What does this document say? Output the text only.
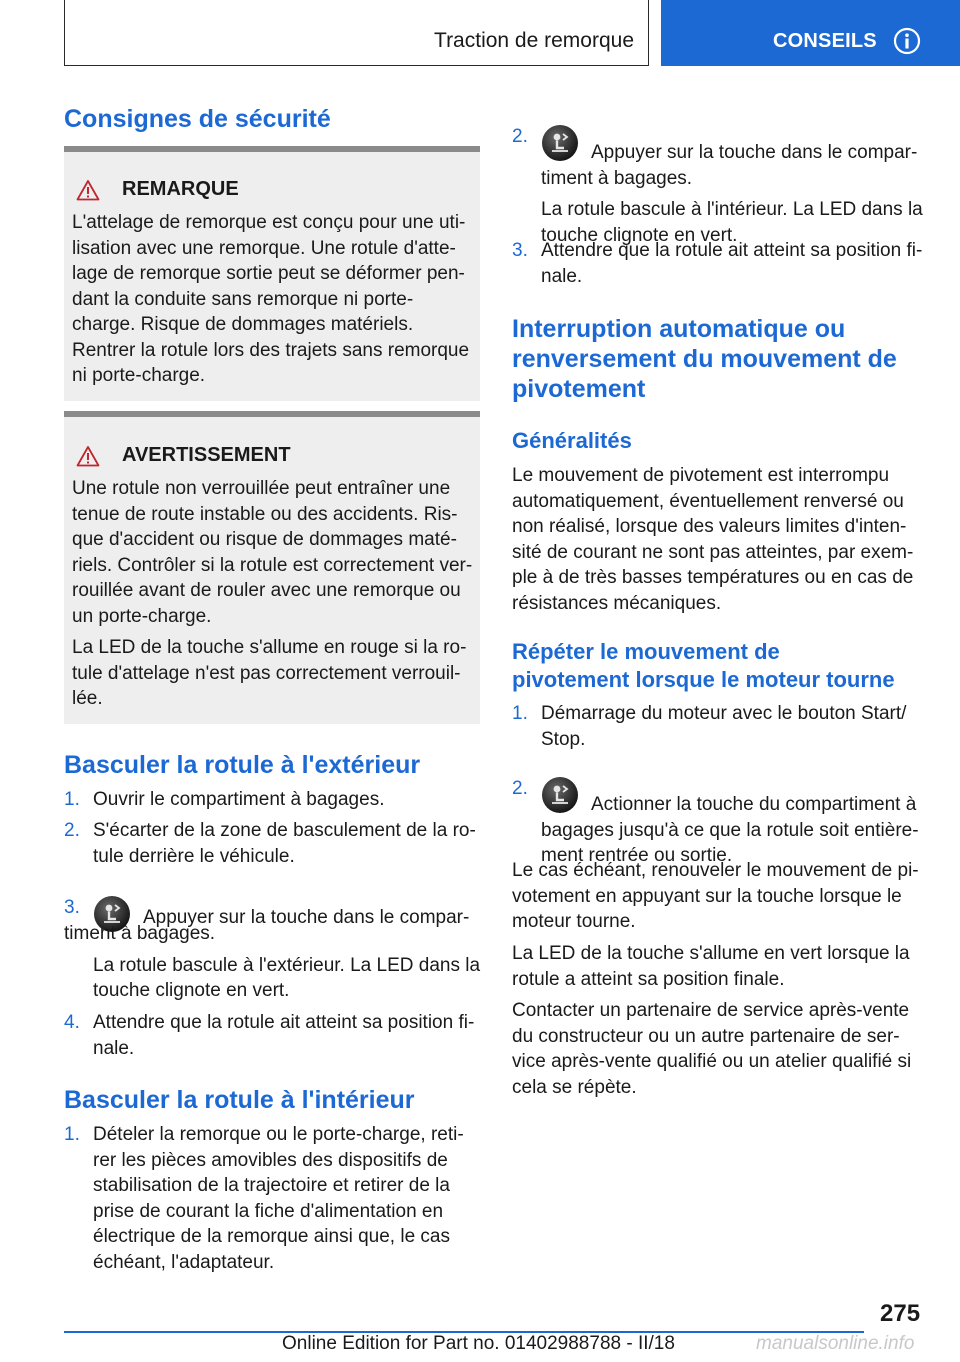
Traction de remorque	CONSEILS
Consignes de sécurité
REMARQUE
L'attelage de remorque est conçu pour une uti-
lisation avec une remorque. Une rotule d'atte-
lage de remorque sortie peut se déformer pen-
dant la conduite sans remorque ni porte-
charge. Risque de dommages matériels.
Rentrer la rotule lors des trajets sans remorque
ni porte-charge.
AVERTISSEMENT
Une rotule non verrouillée peut entraîner une
tenue de route instable ou des accidents. Ris-
que d'accident ou risque de dommages maté-
riels. Contrôler si la rotule est correctement ver-
rouillée avant de rouler avec une remorque ou
un porte-charge.
La LED de la touche s'allume en rouge si la ro-
tule d'attelage n'est pas correctement verrouil-
lée.
Basculer la rotule à l'extérieur
1. Ouvrir le compartiment à bagages.
2. S'écarter de la zone de basculement de la ro-
tule derrière le véhicule.
3.	Appuyer sur la touche dans le compar-
timent à bagages.
La rotule bascule à l'extérieur. La LED dans la
touche clignote en vert.
4. Attendre que la rotule ait atteint sa position fi-
nale.
Basculer la rotule à l'intérieur
1. Dételer la remorque ou le porte-charge, reti-
rer les pièces amovibles des dispositifs de
stabilisation de la trajectoire et retirer de la
prise de courant la fiche d'alimentation en
électrique de la remorque ainsi que, le cas
échéant, l'adaptateur.
2.
Appuyer sur la touche dans le compar-
timent à bagages.
La rotule bascule à l'intérieur. La LED dans la
touche clignote en vert.
3. Attendre que la rotule ait atteint sa position fi-
nale.
Interruption automatique ou
renversement du mouvement de
pivotement
Généralités
Le mouvement de pivotement est interrompu
automatiquement, éventuellement renversé ou
non réalisé, lorsque des valeurs limites d'inten-
sité de courant ne sont pas atteintes, par exem-
ple à de très basses températures ou en cas de
résistances mécaniques.
Répéter le mouvement de
pivotement lorsque le moteur tourne
1. Démarrage du moteur avec le bouton Start/
Stop.
2.
Actionner la touche du compartiment à
bagages jusqu'à ce que la rotule soit entière-
ment rentrée ou sortie.
Le cas échéant, renouveler le mouvement de pi-
votement en appuyant sur la touche lorsque le
moteur tourne.
La LED de la touche s'allume en vert lorsque la
rotule a atteint sa position finale.
Contacter un partenaire de service après-vente
du constructeur ou un autre partenaire de ser-
vice après-vente qualifié ou un atelier qualifié si
cela se répète.
275
Online Edition for Part no. 01402988788 - II/18	manualsonline.info
